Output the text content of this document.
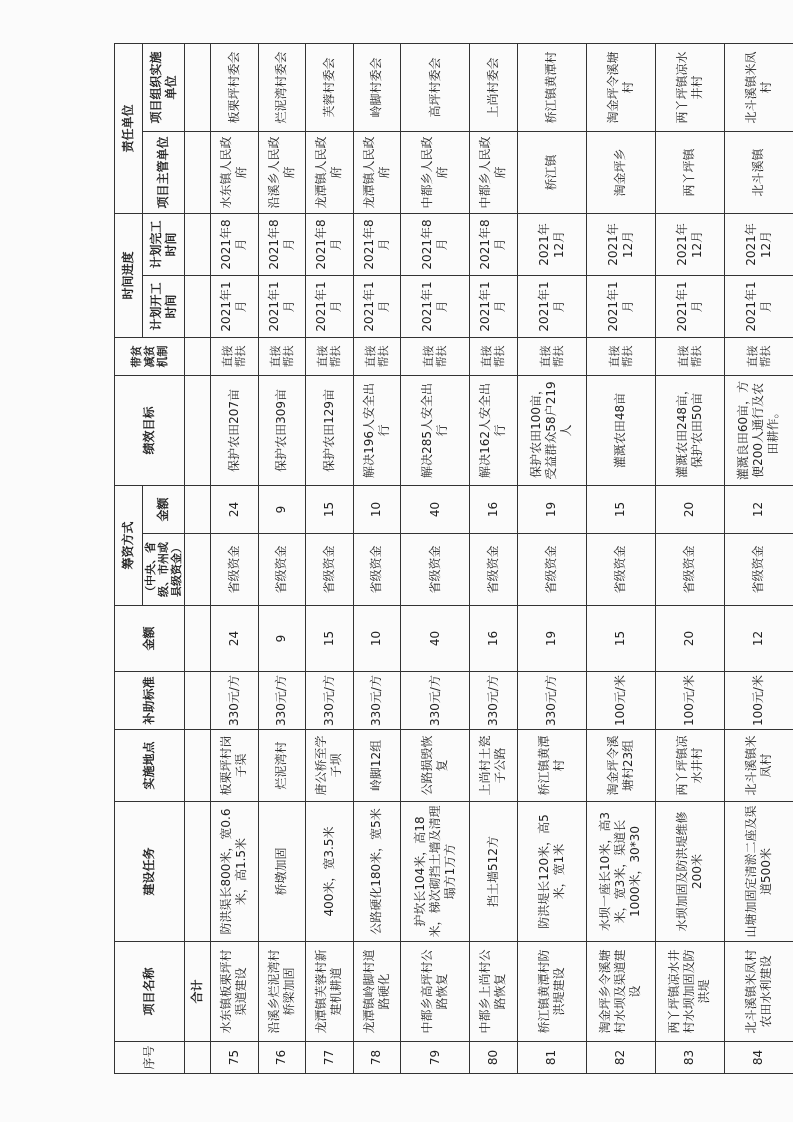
序号	项目名称	建设任务	实施地点	补助标准	金额	筹资方式		绩效目标	带贫减贫机制	时间进度		责任单位	
						（中央、省级、市州或县级资金）	金额			计划开工时间	计划完工时间	项目主管单位	项目组织实施单位

	合计												
75	水东镇板栗坪村渠道建设	防洪渠长800米，宽0.6米，高1.5米	板栗坪村岗子渠	330元/方	24	省级资金	24	保护农田207亩	直接帮扶	2021年1月	2021年8月	水东镇人民政府	板栗坪村委会
76	沿溪乡烂泥湾村桥梁加固	桥墩加固	烂泥湾村	330元/方	9	省级资金	9	保护农田309亩	直接帮扶	2021年1月	2021年8月	沿溪乡人民政府	烂泥湾村委会
77	龙潭镇芙蓉村新建机耕道	400米，宽3.5米	唐公桥至学子坝	330元/方	15	省级资金	15	保护农田129亩	直接帮扶	2021年1月	2021年8月	龙潭镇人民政府	芙蓉村委会
78	龙潭镇岭脚村道路硬化	公路硬化180米，宽5米	岭脚12组	330元/方	10	省级资金	10	解决196人安全出行	直接帮扶	2021年1月	2021年8月	龙潭镇人民政府	岭脚村委会
79	中都乡高坪村公路恢复	护坎长104米，高18米，梯次砌挡土墙及清理塌方1万方	公路损毁恢复	330元/方	40	省级资金	40	解决285人安全出行	直接帮扶	2021年1月	2021年8月	中都乡人民政府	高坪村委会
80	中都乡上尚村公路恢复	挡土墙512方	上尚村土瓷子公路	330元/方	16	省级资金	16	解决162人安全出行	直接帮扶	2021年1月	2021年8月	中都乡人民政府	上尚村委会
81	桥江镇黄潭村防洪堤建设	防洪堤长120米，高5米，宽1米	桥江镇黄潭村	330元/方	19	省级资金	19	保护农田100亩，受益群众58户219人	直接帮扶	2021年1月	2021年12月	桥江镇	桥江镇黄潭村
82	淘金坪乡令溪塘村水坝及渠道建设	水坝一座长10米，高3米，宽3米，渠道长1000米，30*30	淘金坪令溪塘村23组	100元/米	15	省级资金	15	灌溉农田48亩	直接帮扶	2021年1月	2021年12月	淘金坪乡	淘金坪令溪塘村
83	两丫坪镇凉水井村水坝加固及防洪堤	水坝加固及防洪堤维修200米	两丫坪镇凉水井村	100元/米	20	省级资金	20	灌溉农田248亩，保护农田50亩	直接帮扶	2021年1月	2021年12月	两丫坪镇	两丫坪镇凉水井村
84	北斗溪镇米凤村农田水利建设	山塘加固定清淤二座及渠道500米	北斗溪镇米凤村	100元/米	12	省级资金	12	灌溉良田60亩，方便200人通行及农田耕作。	直接帮扶	2021年1月	2021年12月	北斗溪镇	北斗溪镇米凤村
